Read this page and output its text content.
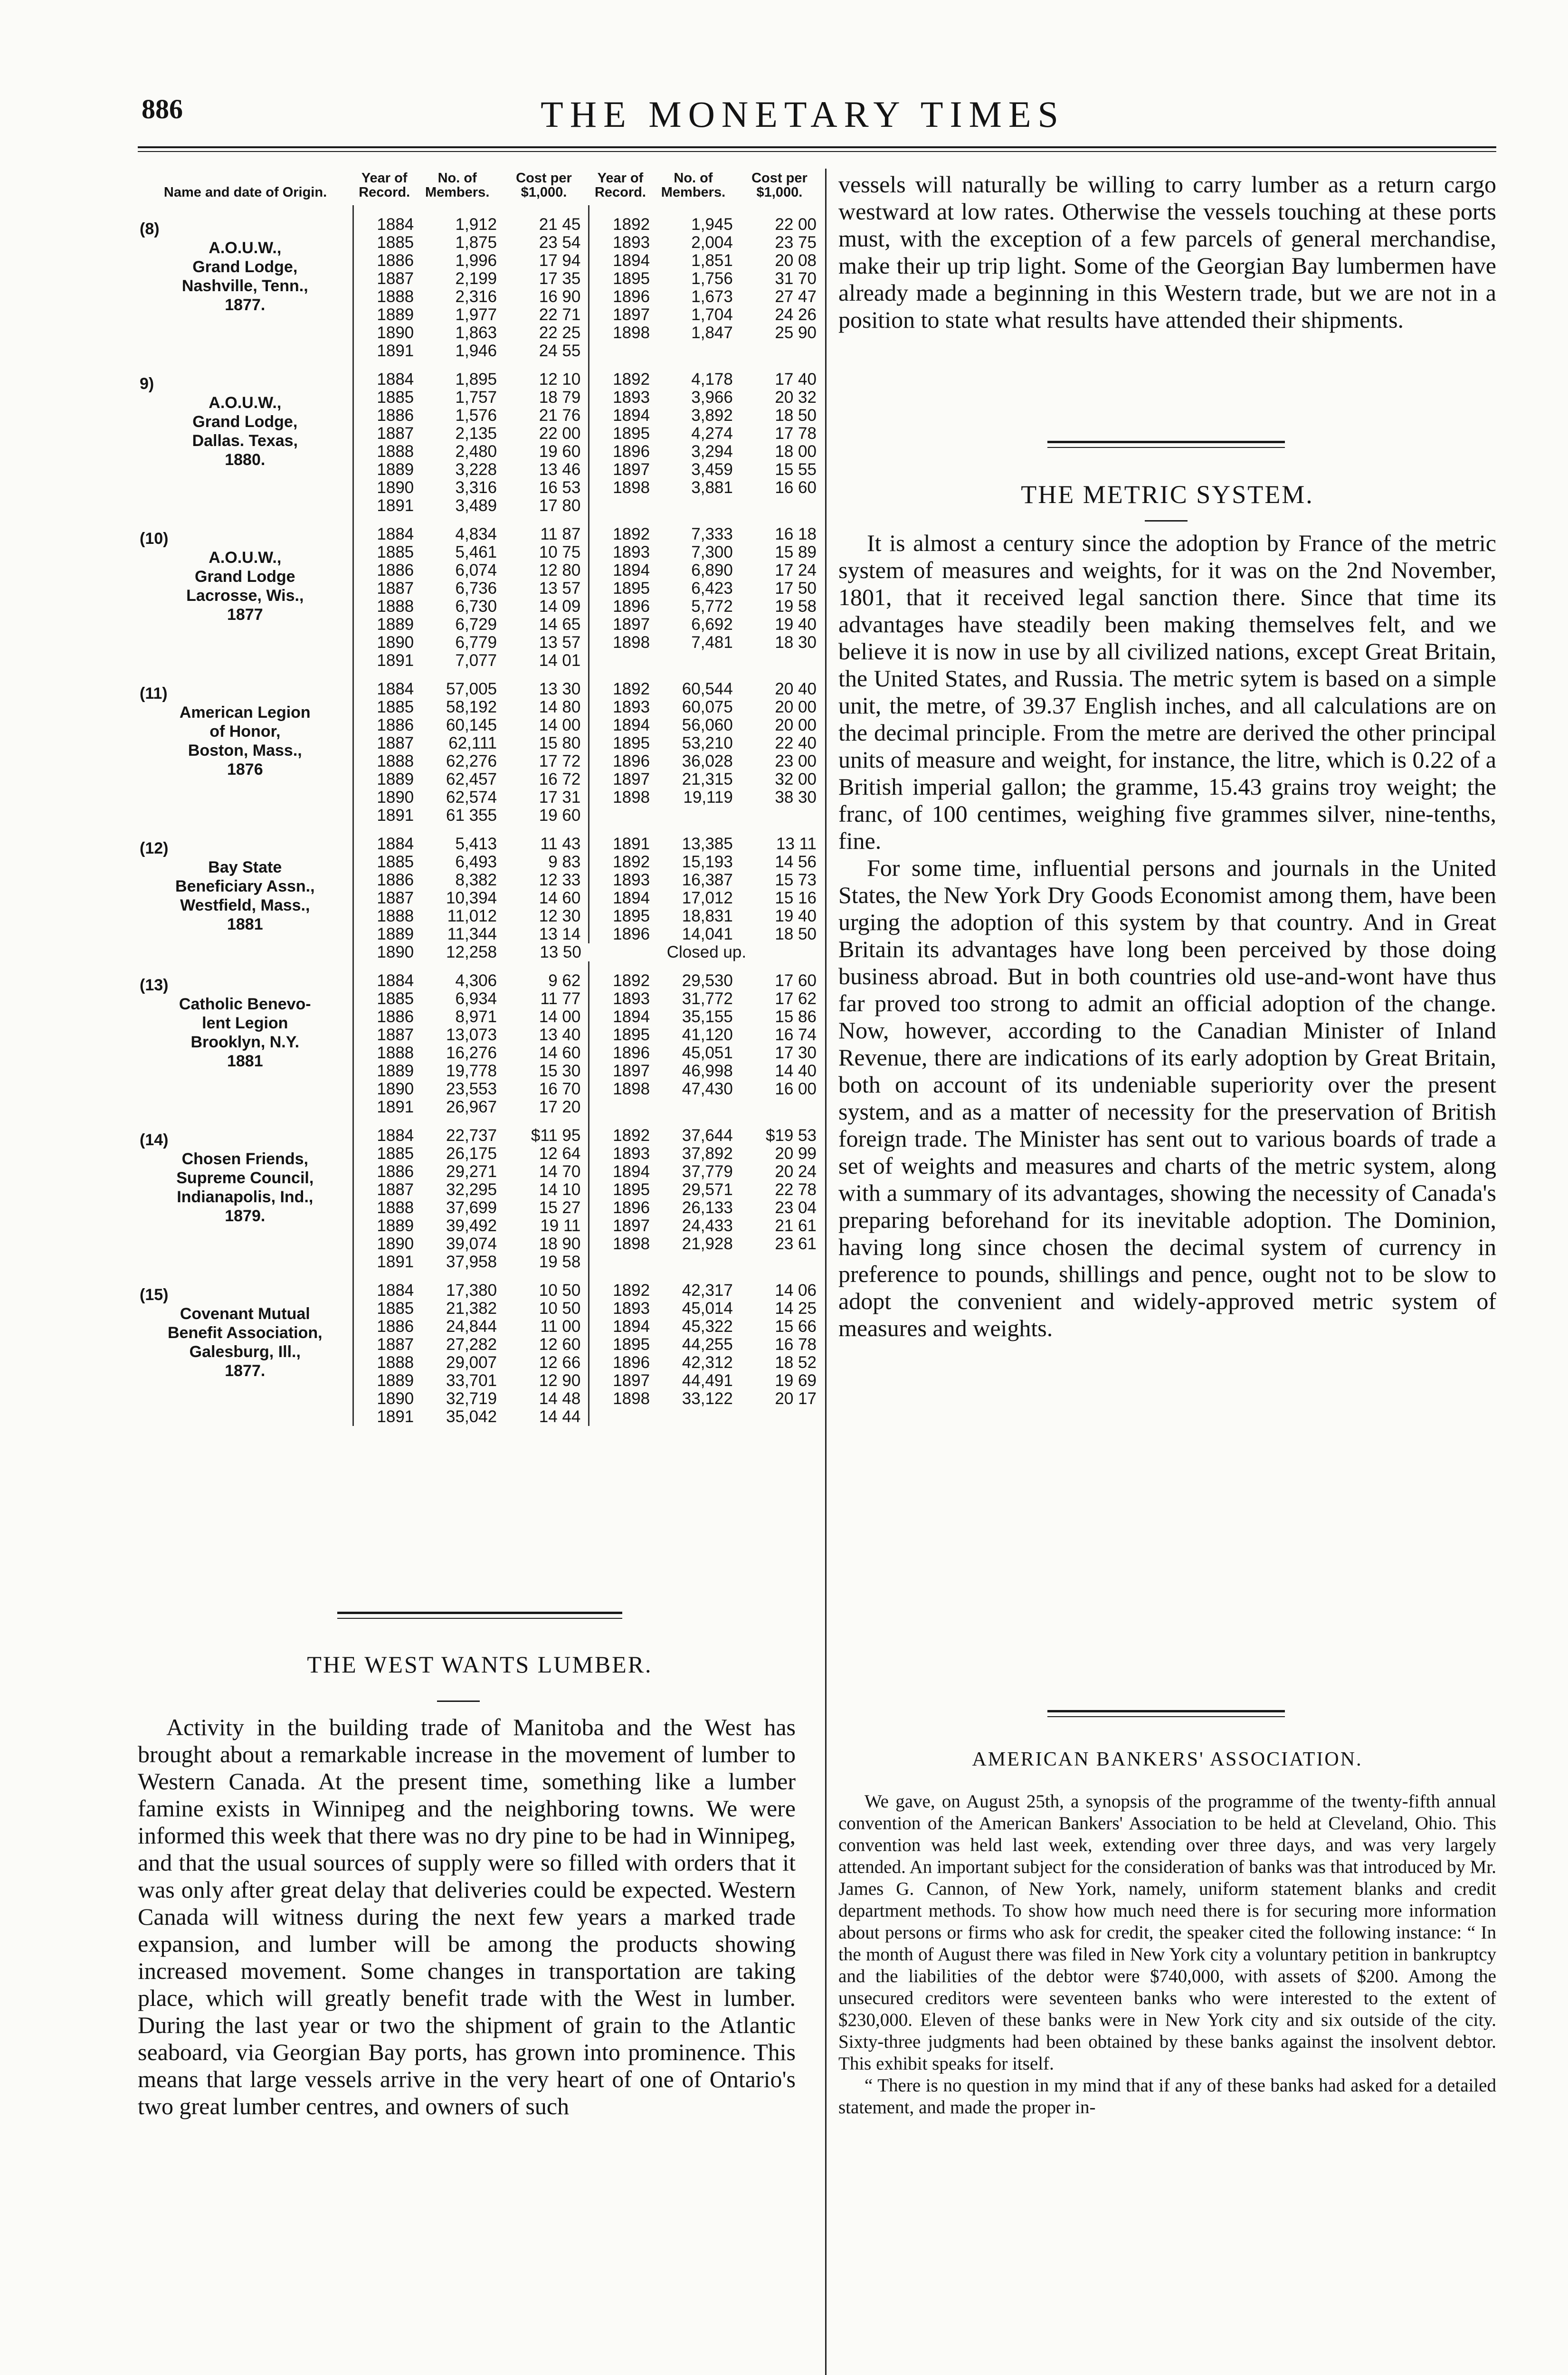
886	THE MONETARY TIMES
Name and date of Origin.	Year of Record.	No. of Members.	Cost per $1,000.	Year of Record.	No. of Members.	Cost per $1,000.

(8)
A.O.U.W.,
Grand Lodge,
Nashville, Tenn.,
1877.	1884	1,912	21 45	1892	1,945	22 00
	1885	1,875	23 54	1893	2,004	23 75
	1886	1,996	17 94	1894	1,851	20 08
	1887	2,199	17 35	1895	1,756	31 70
	1888	2,316	16 90	1896	1,673	27 47
	1889	1,977	22 71	1897	1,704	24 26
	1890	1,863	22 25	1898	1,847	25 90
	1891	1,946	24 55			

9)
A.O.U.W.,
Grand Lodge,
Dallas. Texas,
1880.	1884	1,895	12 10	1892	4,178	17 40
	1885	1,757	18 79	1893	3,966	20 32
	1886	1,576	21 76	1894	3,892	18 50
	1887	2,135	22 00	1895	4,274	17 78
	1888	2,480	19 60	1896	3,294	18 00
	1889	3,228	13 46	1897	3,459	15 55
	1890	3,316	16 53	1898	3,881	16 60
	1891	3,489	17 80			

(10)
A.O.U.W.,
Grand Lodge
Lacrosse, Wis.,
1877	1884	4,834	11 87	1892	7,333	16 18
	1885	5,461	10 75	1893	7,300	15 89
	1886	6,074	12 80	1894	6,890	17 24
	1887	6,736	13 57	1895	6,423	17 50
	1888	6,730	14 09	1896	5,772	19 58
	1889	6,729	14 65	1897	6,692	19 40
	1890	6,779	13 57	1898	7,481	18 30
	1891	7,077	14 01			

(11)
American Legion
of Honor,
Boston, Mass.,
1876	1884	57,005	13 30	1892	60,544	20 40
	1885	58,192	14 80	1893	60,075	20 00
	1886	60,145	14 00	1894	56,060	20 00
	1887	62,111	15 80	1895	53,210	22 40
	1888	62,276	17 72	1896	36,028	23 00
	1889	62,457	16 72	1897	21,315	32 00
	1890	62,574	17 31	1898	19,119	38 30
	1891	61 355	19 60			

(12)
Bay State
Beneficiary Assn.,
Westfield, Mass.,
1881	1884	5,413	11 43	1891	13,385	13 11
	1885	6,493	9 83	1892	15,193	14 56
	1886	8,382	12 33	1893	16,387	15 73
	1887	10,394	14 60	1894	17,012	15 16
	1888	11,012	12 30	1895	18,831	19 40
	1889	11,344	13 14	1896	14,041	18 50
	1890	12,258	13 50	Closed up.		

(13)
Catholic Benevo-
lent Legion
Brooklyn, N.Y.
1881	1884	4,306	9 62	1892	29,530	17 60
	1885	6,934	11 77	1893	31,772	17 62
	1886	8,971	14 00	1894	35,155	15 86
	1887	13,073	13 40	1895	41,120	16 74
	1888	16,276	14 60	1896	45,051	17 30
	1889	19,778	15 30	1897	46,998	14 40
	1890	23,553	16 70	1898	47,430	16 00
	1891	26,967	17 20			

(14)
Chosen Friends,
Supreme Council,
Indianapolis, Ind.,
1879.	1884	22,737	$11 95	1892	37,644	$19 53
	1885	26,175	12 64	1893	37,892	20 99
	1886	29,271	14 70	1894	37,779	20 24
	1887	32,295	14 10	1895	29,571	22 78
	1888	37,699	15 27	1896	26,133	23 04
	1889	39,492	19 11	1897	24,433	21 61
	1890	39,074	18 90	1898	21,928	23 61
	1891	37,958	19 58			

(15)
Covenant Mutual
Benefit Association,
Galesburg, Ill.,
1877.	1884	17,380	10 50	1892	42,317	14 06
	1885	21,382	10 50	1893	45,014	14 25
	1886	24,844	11 00	1894	45,322	15 66
	1887	27,282	12 60	1895	44,255	16 78
	1888	29,007	12 66	1896	42,312	18 52
	1889	33,701	12 90	1897	44,491	19 69
	1890	32,719	14 48	1898	33,122	20 17
	1891	35,042	14 44			
THE WEST WANTS LUMBER.

Activity in the building trade of Manitoba and the West has brought about a remarkable increase in the movement of lumber to Western Canada. At the present time, something like a lumber famine exists in Winnipeg and the neighboring towns. We were informed this week that there was no dry pine to be had in Winnipeg, and that the usual sources of supply were so filled with orders that it was only after great delay that deliveries could be expected. Western Canada will witness during the next few years a marked trade expansion, and lumber will be among the products showing increased movement. Some changes in transportation are taking place, which will greatly benefit trade with the West in lumber. During the last year or two the shipment of grain to the Atlantic seaboard, via Georgian Bay ports, has grown into prominence. This means that large vessels arrive in the very heart of one of Ontario's two great lumber centres, and owners of such

vessels will naturally be willing to carry lumber as a return cargo westward at low rates. Otherwise the vessels touching at these ports must, with the exception of a few parcels of general merchandise, make their up trip light. Some of the Georgian Bay lumbermen have already made a beginning in this Western trade, but we are not in a position to state what results have attended their shipments.

THE METRIC SYSTEM.

It is almost a century since the adoption by France of the metric system of measures and weights, for it was on the 2nd November, 1801, that it received legal sanction there. Since that time its advantages have steadily been making themselves felt, and we believe it is now in use by all civilized nations, except Great Britain, the United States, and Russia. The metric sytem is based on a simple unit, the metre, of 39.37 English inches, and all calculations are on the decimal principle. From the metre are derived the other principal units of measure and weight, for instance, the litre, which is 0.22 of a British imperial gallon; the gramme, 15.43 grains troy weight; the franc, of 100 centimes, weighing five grammes silver, nine-tenths, fine.

For some time, influential persons and journals in the United States, the New York Dry Goods Economist among them, have been urging the adoption of this system by that country. And in Great Britain its advantages have long been perceived by those doing business abroad. But in both countries old use-and-wont have thus far proved too strong to admit an official adoption of the change. Now, however, according to the Canadian Minister of Inland Revenue, there are indications of its early adoption by Great Britain, both on account of its undeniable superiority over the present system, and as a matter of necessity for the preservation of British foreign trade. The Minister has sent out to various boards of trade a set of weights and measures and charts of the metric system, along with a summary of its advantages, showing the necessity of Canada's preparing beforehand for its inevitable adoption. The Dominion, having long since chosen the decimal system of currency in preference to pounds, shillings and pence, ought not to be slow to adopt the convenient and widely-approved metric system of measures and weights.

AMERICAN BANKERS' ASSOCIATION.

We gave, on August 25th, a synopsis of the programme of the twenty-fifth annual convention of the American Bankers' Association to be held at Cleveland, Ohio. This convention was held last week, extending over three days, and was very largely attended. An important subject for the consideration of banks was that introduced by Mr. James G. Cannon, of New York, namely, uniform statement blanks and credit department methods. To show how much need there is for securing more information about persons or firms who ask for credit, the speaker cited the following instance: “ In the month of August there was filed in New York city a voluntary petition in bankruptcy and the liabilities of the debtor were $740,000, with assets of $200. Among the unsecured creditors were seventeen banks who were interested to the extent of $230,000. Eleven of these banks were in New York city and six outside of the city. Sixty-three judgments had been obtained by these banks against the insolvent debtor. This exhibit speaks for itself.

“ There is no question in my mind that if any of these banks had asked for a detailed statement, and made the proper in-
